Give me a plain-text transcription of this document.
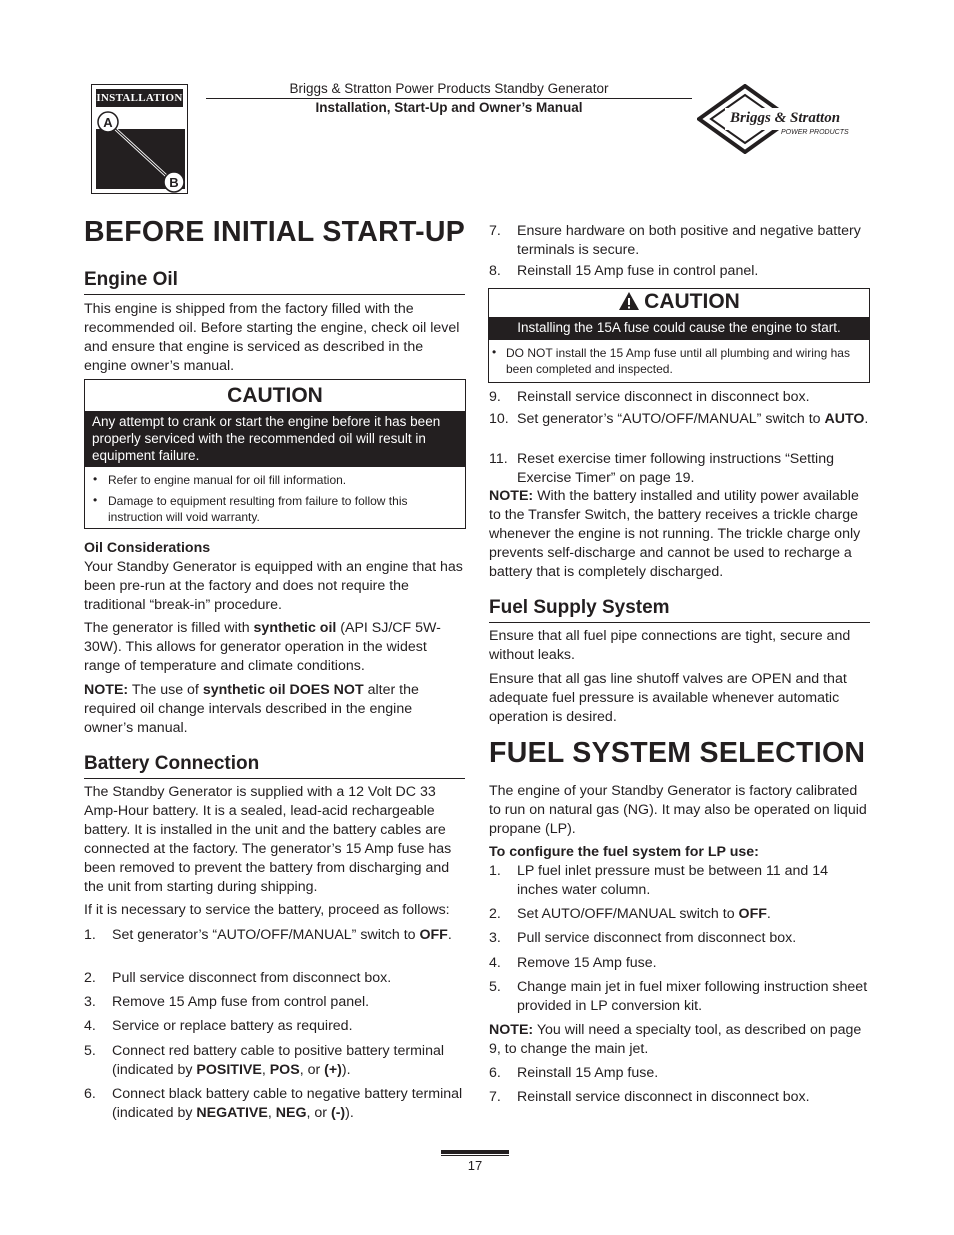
INSTALLATION
A
B
Briggs & Stratton Power Products Standby Generator
Installation, Start-Up and Owner’s Manual
Briggs & Stratton
POWER PRODUCTS
BEFORE INITIAL START-UP
Engine Oil

This engine is shipped from the factory filled with the recommended oil. Before starting the engine, check oil level and ensure that engine is serviced as described in the engine owner’s manual.

CAUTION
Any attempt to crank or start the engine before it has been properly serviced with the recommended oil will result in equipment failure.
• Refer to engine manual for oil fill information.
• Damage to equipment resulting from failure to follow this instruction will void warranty.
Oil Considerations

Your Standby Generator is equipped with an engine that has been pre-run at the factory and does not require the traditional “break-in” procedure.

The generator is filled with synthetic oil (API SJ/CF 5W-30W). This allows for generator operation in the widest range of temperature and climate conditions.

NOTE: The use of synthetic oil DOES NOT alter the required oil change intervals described in the engine owner’s manual.

Battery Connection

The Standby Generator is supplied with a 12 Volt DC 33 Amp-Hour battery. It is a sealed, lead-acid rechargeable battery. It is installed in the unit and the battery cables are connected at the factory. The generator’s 15 Amp fuse has been removed to prevent the battery from discharging and the unit from starting during shipping.

If it is necessary to service the battery, proceed as follows:

1. Set generator’s “AUTO/OFF/MANUAL” switch to OFF.
2. Pull service disconnect from disconnect box.
3. Remove 15 Amp fuse from control panel.
4. Service or replace battery as required.
5. Connect red battery cable to positive battery terminal (indicated by POSITIVE, POS, or (+)).
6. Connect black battery cable to negative battery terminal (indicated by NEGATIVE, NEG, or (-)).
7. Ensure hardware on both positive and negative battery terminals is secure.
8. Reinstall 15 Amp fuse in control panel.
CAUTION
Installing the 15A fuse could cause the engine to start.
• DO NOT install the 15 Amp fuse until all plumbing and wiring has been completed and inspected.
9. Reinstall service disconnect in disconnect box.
10. Set generator’s “AUTO/OFF/MANUAL” switch to AUTO.
11. Reset exercise timer following instructions “Setting Exercise Timer” on page 19.

NOTE: With the battery installed and utility power available to the Transfer Switch, the battery receives a trickle charge whenever the engine is not running. The trickle charge only prevents self-discharge and cannot be used to recharge a battery that is completely discharged.

Fuel Supply System

Ensure that all fuel pipe connections are tight, secure and without leaks.

Ensure that all gas line shutoff valves are OPEN and that adequate fuel pressure is available whenever automatic operation is desired.

FUEL SYSTEM SELECTION

The engine of your Standby Generator is factory calibrated to run on natural gas (NG). It may also be operated on liquid propane (LP).

To configure the fuel system for LP use:
1. LP fuel inlet pressure must be between 11 and 14 inches water column.
2. Set AUTO/OFF/MANUAL switch to OFF.
3. Pull service disconnect from disconnect box.
4. Remove 15 Amp fuse.
5. Change main jet in fuel mixer following instruction sheet provided in LP conversion kit.

NOTE: You will need a specialty tool, as described on page 9, to change the main jet.

6. Reinstall 15 Amp fuse.
7. Reinstall service disconnect in disconnect box.
17
